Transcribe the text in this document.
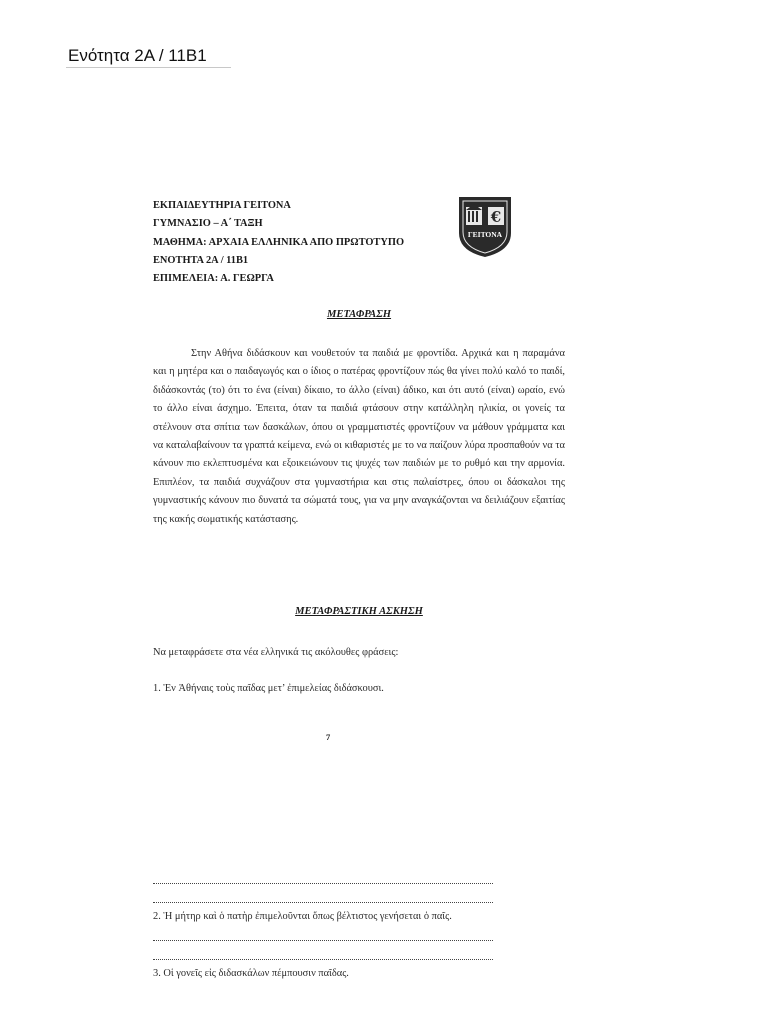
Ενότητα 2Α / 11Β1
ΕΚΠΑΙΔΕΥΤΗΡΙΑ ΓΕΙΤΟΝΑ
ΓΥΜΝΑΣΙΟ – Α΄ ΤΑΞΗ
ΜΑΘΗΜΑ: ΑΡΧΑΙΑ ΕΛΛΗΝΙΚΑ ΑΠΟ ΠΡΩΤΟΤΥΠΟ
ΕΝΟΤΗΤΑ 2Α / 11Β1
ΕΠΙΜΕΛΕΙΑ: Α. ΓΕΩΡΓΑ
€
ΓΕΙΤΟΝΑ
ΜΕΤΑΦΡΑΣΗ
Στην Αθήνα διδάσκουν και νουθετούν τα παιδιά με φροντίδα. Αρχικά και η παραμάνα και η μητέρα και ο παιδαγωγός και ο ίδιος ο πατέρας φροντίζουν πώς θα γίνει πολύ καλό το παιδί, διδάσκοντάς (το) ότι το ένα (είναι) δίκαιο, το άλλο (είναι) άδικο, και ότι αυτό (είναι) ωραίο, ενώ το άλλο είναι άσχημο. Έπειτα, όταν τα παιδιά φτάσουν στην κατάλληλη ηλικία, οι γονείς τα στέλνουν στα σπίτια των δασκάλων, όπου οι γραμματιστές φροντίζουν να μάθουν γράμματα και να καταλαβαίνουν τα γραπτά κείμενα, ενώ οι κιθαριστές με το να παίζουν λύρα προσπαθούν να τα κάνουν πιο εκλεπτυσμένα και εξοικειώνουν τις ψυχές των παιδιών με το ρυθμό και την αρμονία. Επιπλέον, τα παιδιά συχνάζουν στα γυμναστήρια και στις παλαίστρες, όπου οι δάσκαλοι της γυμναστικής κάνουν πιο δυνατά τα σώματά τους, για να μην αναγκάζονται να δειλιάζουν εξαιτίας της κακής σωματικής κατάστασης.
ΜΕΤΑΦΡΑΣΤΙΚΗ ΑΣΚΗΣΗ
Να μεταφράσετε στα νέα ελληνικά τις ακόλουθες φράσεις:
1. Ἐν Ἀθήναις τοὺς παῖδας μετ’ ἐπιμελείας διδάσκουσι.
7
2. Ἡ μήτηρ καὶ ὁ πατὴρ ἐπιμελοῦνται ὅπως βέλτιστος γενήσεται ὁ παῖς.
3. Οἱ γονεῖς εἰς διδασκάλων πέμπουσιν παῖδας.
